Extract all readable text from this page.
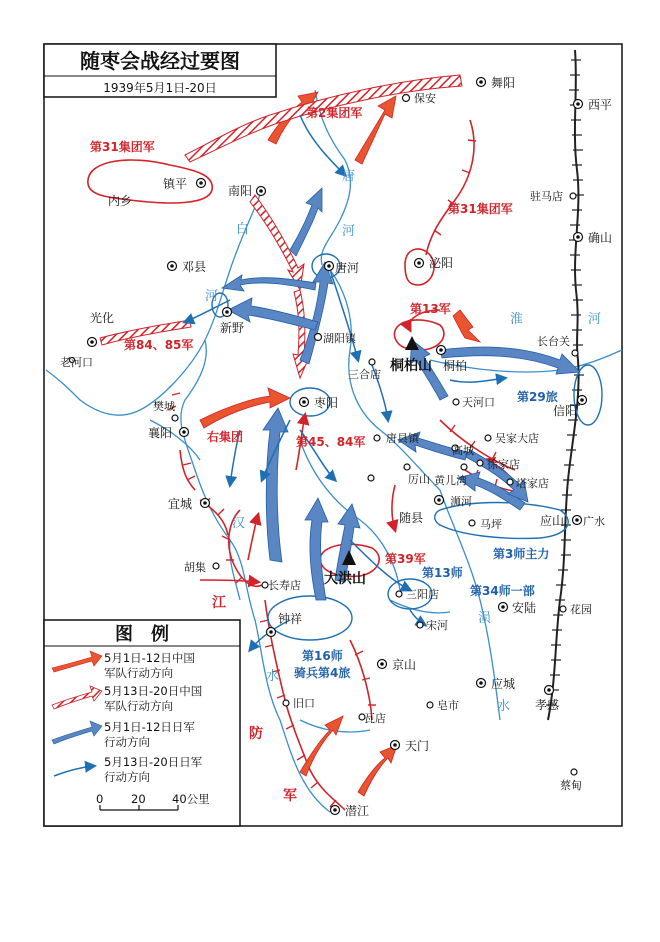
舞阳
西平
保安
驻马店
确山
镇平
内乡
南阳
邓县	唐河	泌阳
光化
老河口
新野
湖阳镇
桐柏
长台关
三合店
天河口
信阳
樊城
襄阳
枣阳
唐县镇
高城
吴家大店
厉山 黄儿湾
徐家店
塔家店
浉河
随县	应山 广水
马坪
宜城
胡集
长寿店
三阳店
安陆	花园
钟祥	宋河
京山
应城
孝感
旧口
瓦店
皂市
天门
潜江
蔡甸
桐柏山
大洪山
唐
河
白
河
淮	河
汉
水
涢
水
江
防
军
第2集团军
第31集团军
第31集团军
第84、85军
第13军
右集团	第45、84军
第39军
第29旅
第3师主力
第13师
第34师一部
第16师
骑兵第4旅
随枣会战经过要图
1939年5月1日-20日
图　例
5月1日-12日中国
军队行动方向
5月13日-20日中国
军队行动方向
5月1日-12日日军
行动方向
5月13日-20日日军
行动方向
0 20 40公里
